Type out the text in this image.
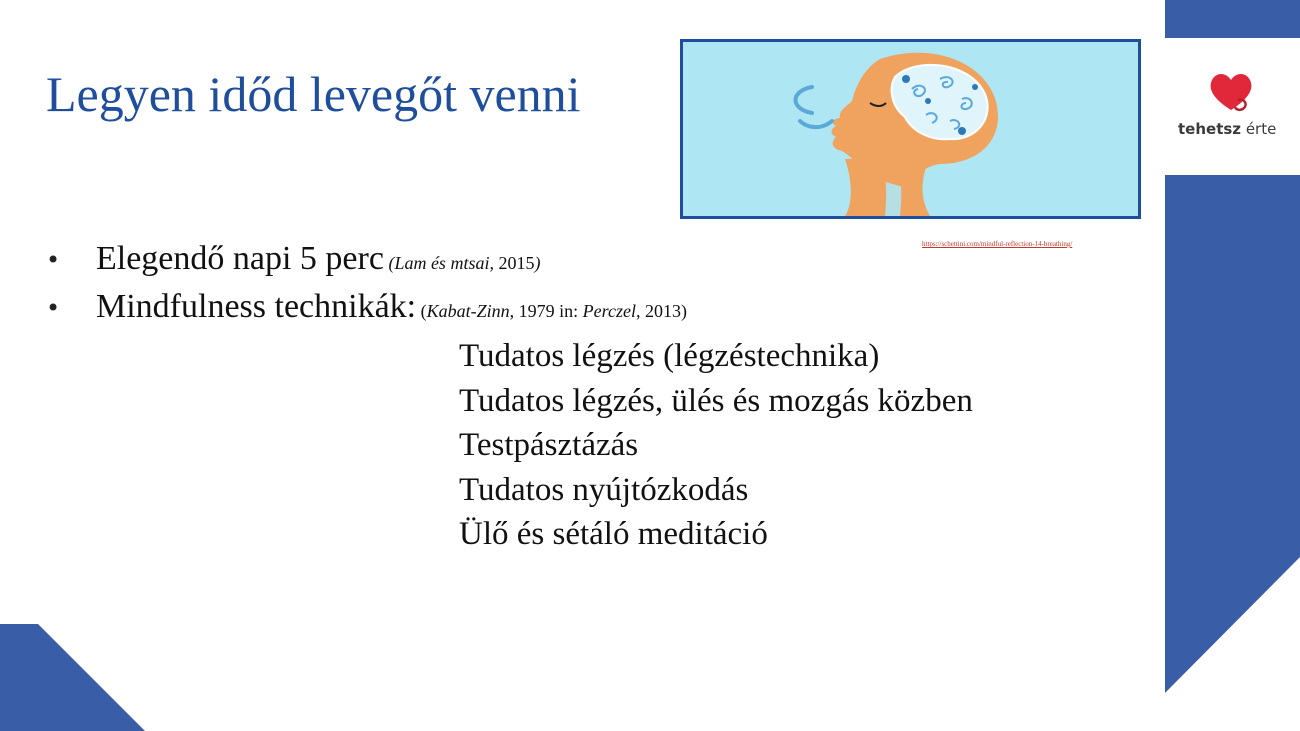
Legyen időd levegőt venni
https://schettini.com/mindful-reflection-14-breathing/
tehetsz érte
• Elegendő napi 5 perc (Lam és mtsai, 2015)
• Mindfulness technikák: (Kabat-Zinn, 1979 in: Perczel, 2013)
Tudatos légzés (légzéstechnika)
Tudatos légzés, ülés és mozgás közben
Testpásztázás
Tudatos nyújtózkodás
Ülő és sétáló meditáció
